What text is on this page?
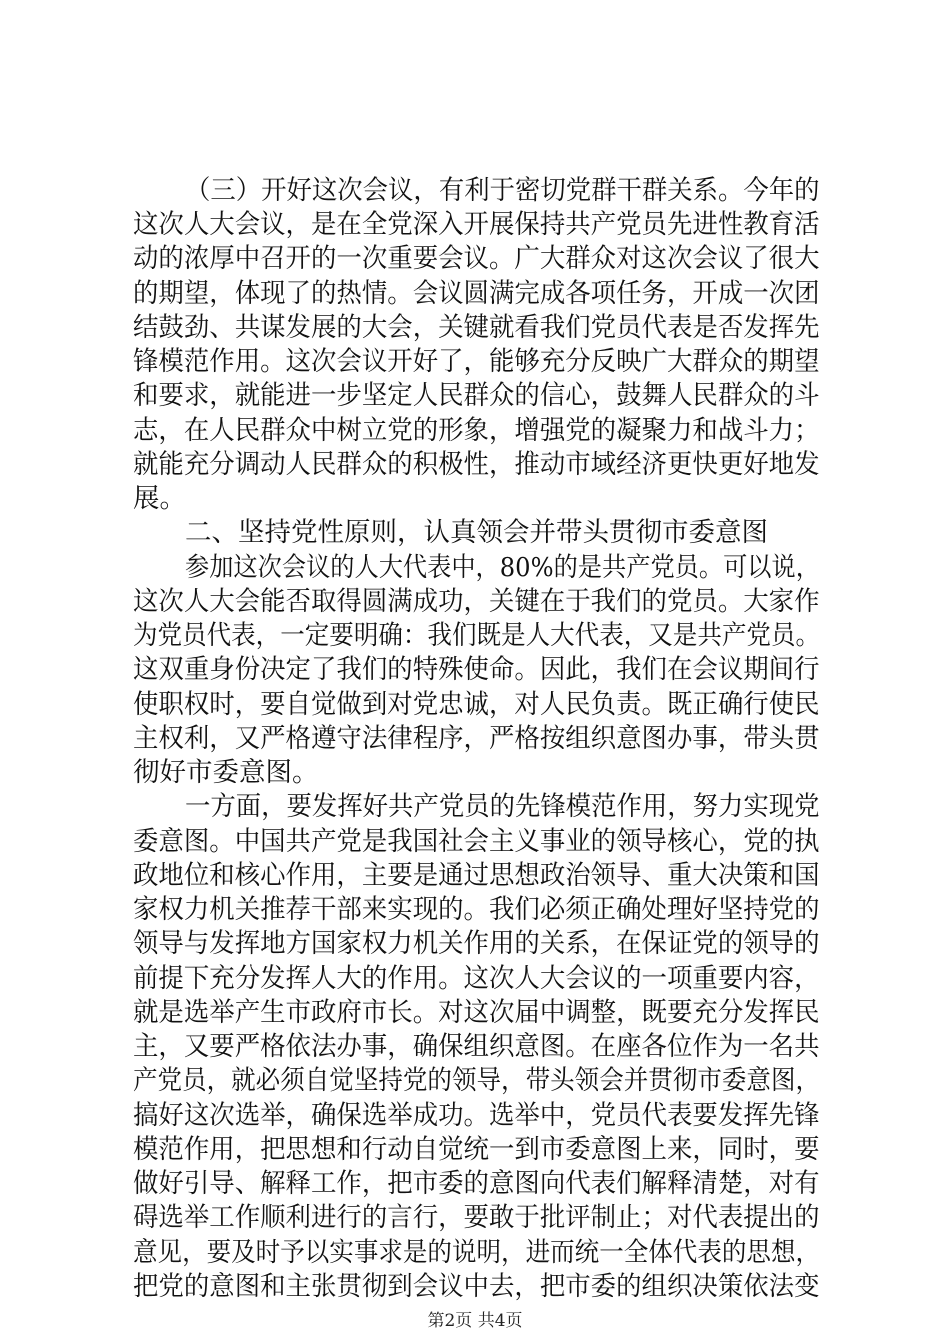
（三）开好这次会议，有利于密切党群干群关系。今年的
这次人大会议，是在全党深入开展保持共产党员先进性教育活
动的浓厚中召开的一次重要会议。广大群众对这次会议了很大
的期望，体现了的热情。会议圆满完成各项任务，开成一次团
结鼓劲、共谋发展的大会，关键就看我们党员代表是否发挥先
锋模范作用。这次会议开好了，能够充分反映广大群众的期望
和要求，就能进一步坚定人民群众的信心，鼓舞人民群众的斗
志，在人民群众中树立党的形象，增强党的凝聚力和战斗力；
就能充分调动人民群众的积极性，推动市域经济更快更好地发
展。
二、坚持党性原则，认真领会并带头贯彻市委意图
参加这次会议的人大代表中，80%的是共产党员。可以说，
这次人大会能否取得圆满成功，关键在于我们的党员。大家作
为党员代表，一定要明确：我们既是人大代表，又是共产党员。
这双重身份决定了我们的特殊使命。因此，我们在会议期间行
使职权时，要自觉做到对党忠诚，对人民负责。既正确行使民
主权利，又严格遵守法律程序，严格按组织意图办事，带头贯
彻好市委意图。
一方面，要发挥好共产党员的先锋模范作用，努力实现党
委意图。中国共产党是我国社会主义事业的领导核心，党的执
政地位和核心作用，主要是通过思想政治领导、重大决策和国
家权力机关推荐干部来实现的。我们必须正确处理好坚持党的
领导与发挥地方国家权力机关作用的关系，在保证党的领导的
前提下充分发挥人大的作用。这次人大会议的一项重要内容，
就是选举产生市政府市长。对这次届中调整，既要充分发挥民
主，又要严格依法办事，确保组织意图。在座各位作为一名共
产党员，就必须自觉坚持党的领导，带头领会并贯彻市委意图，
搞好这次选举，确保选举成功。选举中，党员代表要发挥先锋
模范作用，把思想和行动自觉统一到市委意图上来，同时，要
做好引导、解释工作，把市委的意图向代表们解释清楚，对有
碍选举工作顺利进行的言行，要敢于批评制止；对代表提出的
意见，要及时予以实事求是的说明，进而统一全体代表的思想，
把党的意图和主张贯彻到会议中去，把市委的组织决策依法变
第2页 共4页
